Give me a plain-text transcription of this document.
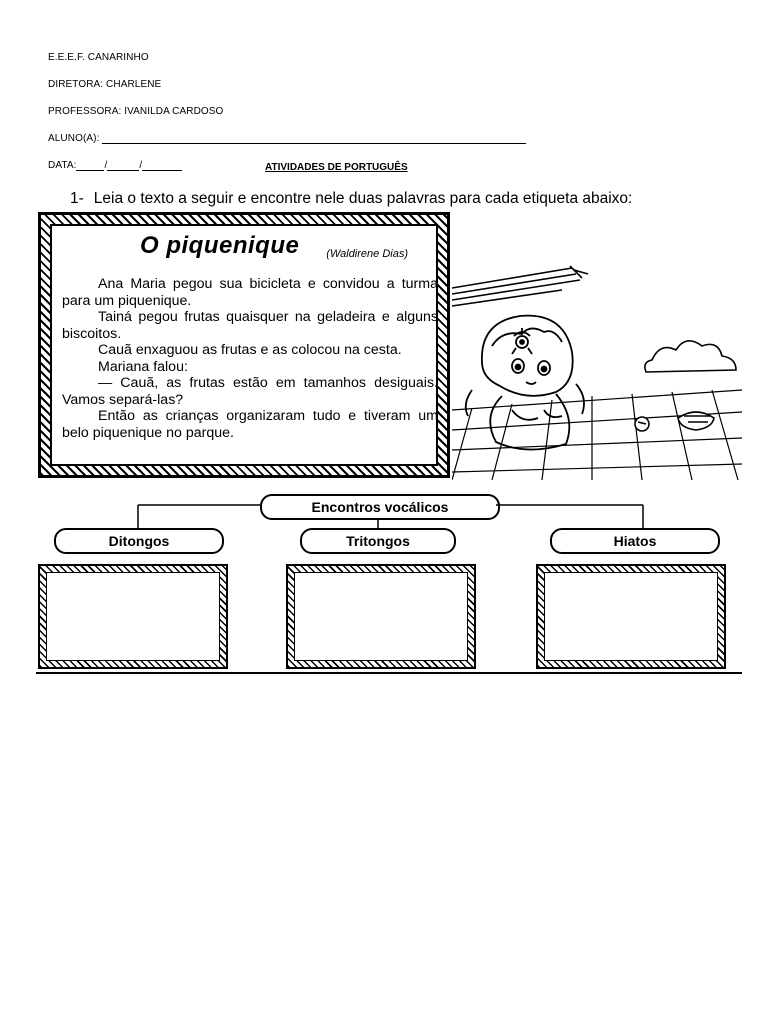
E.E.E.F. CANARINHO
DIRETORA: CHARLENE
PROFESSORA: IVANILDA CARDOSO
ALUNO(A):
DATA:	/	/	ATIVIDADES DE PORTUGUÊS
1- Leia o texto a seguir e encontre nele duas palavras para cada etiqueta abaixo:
O piquenique (Waldirene Dias)

Ana Maria pegou sua bicicleta e convidou a turma para um piquenique.

Tainá pegou frutas quaisquer na geladeira e alguns biscoitos.

Cauã enxaguou as frutas e as colocou na cesta.

Mariana falou:

— Cauã, as frutas estão em tamanhos desiguais. Vamos separá-las?

Então as crianças organizaram tudo e tiveram um belo piquenique no parque.

Encontros vocálicos
Ditongos	Tritongos	Hiatos
